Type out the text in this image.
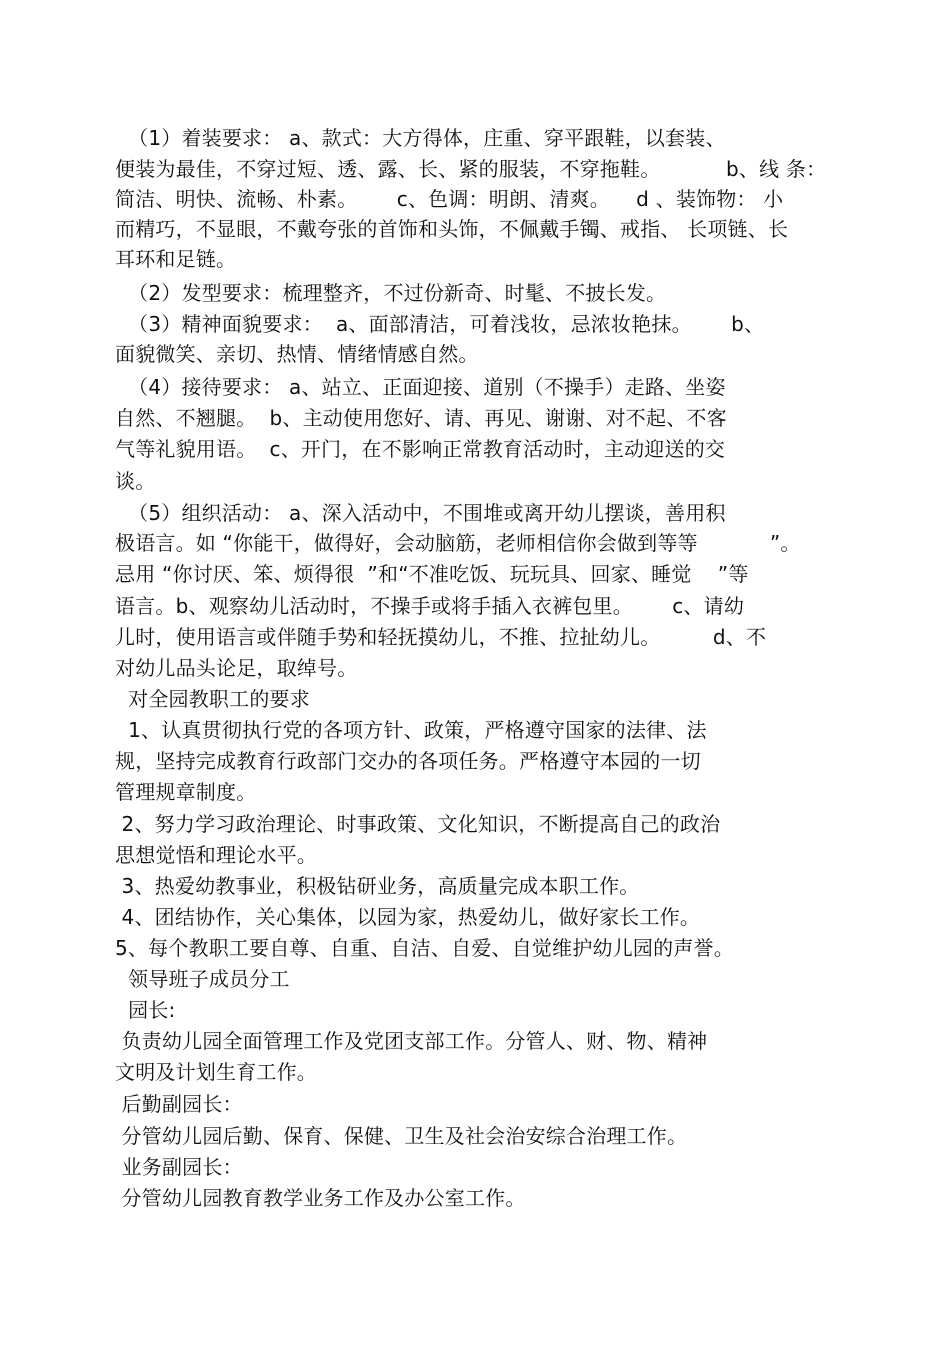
（1）着装要求： a、款式：大方得体，庄重、穿平跟鞋，以套装、
便装为最佳，不穿过短、透、露、长、紧的服装，不穿拖鞋。          b、线 条：
简洁、明快、流畅、朴素。      c、色调：明朗、清爽。    d 、装饰物： 小
而精巧，不显眼，不戴夸张的首饰和头饰，不佩戴手镯、戒指、 长项链、长
耳环和足链。
（2）发型要求：梳理整齐，不过份新奇、时髦、不披长发。
（3）精神面貌要求：  a、面部清洁，可着浅妆，忌浓妆艳抹。      b、
面貌微笑、亲切、热情、情绪情感自然。
（4）接待要求： a、站立、正面迎接、道别（不操手）走路、坐姿
自然、不翘腿。  b、主动使用您好、请、再见、谢谢、对不起、不客
气等礼貌用语。  c、开门，在不影响正常教育活动时，主动迎送的交
谈。
（5）组织活动： a、深入活动中，不围堆或离开幼儿摆谈，善用积
极语言。如 “你能干，做得好，会动脑筋，老师相信你会做到等等           ”。
忌用 “你讨厌、笨、烦得很  ”和“不准吃饭、玩玩具、回家、睡觉    ”等
语言。b、观察幼儿活动时，不操手或将手插入衣裤包里。      c、请幼
儿时，使用语言或伴随手势和轻抚摸幼儿，不推、拉扯幼儿。        d、不
对幼儿品头论足，取绰号。
对全园教职工的要求
1、认真贯彻执行党的各项方针、政策，严格遵守国家的法律、法
规，坚持完成教育行政部门交办的各项任务。严格遵守本园的一切
管理规章制度。
2、努力学习政治理论、时事政策、文化知识，不断提高自己的政治
思想觉悟和理论水平。
3、热爱幼教事业，积极钻研业务，高质量完成本职工作。
4、团结协作，关心集体，以园为家，热爱幼儿，做好家长工作。
5、每个教职工要自尊、自重、自洁、自爱、自觉维护幼儿园的声誉。
领导班子成员分工
园长:
负责幼儿园全面管理工作及党团支部工作。分管人、财、物、精神
文明及计划生育工作。
后勤副园长：
分管幼儿园后勤、保育、保健、卫生及社会治安综合治理工作。
业务副园长：
分管幼儿园教育教学业务工作及办公室工作。
